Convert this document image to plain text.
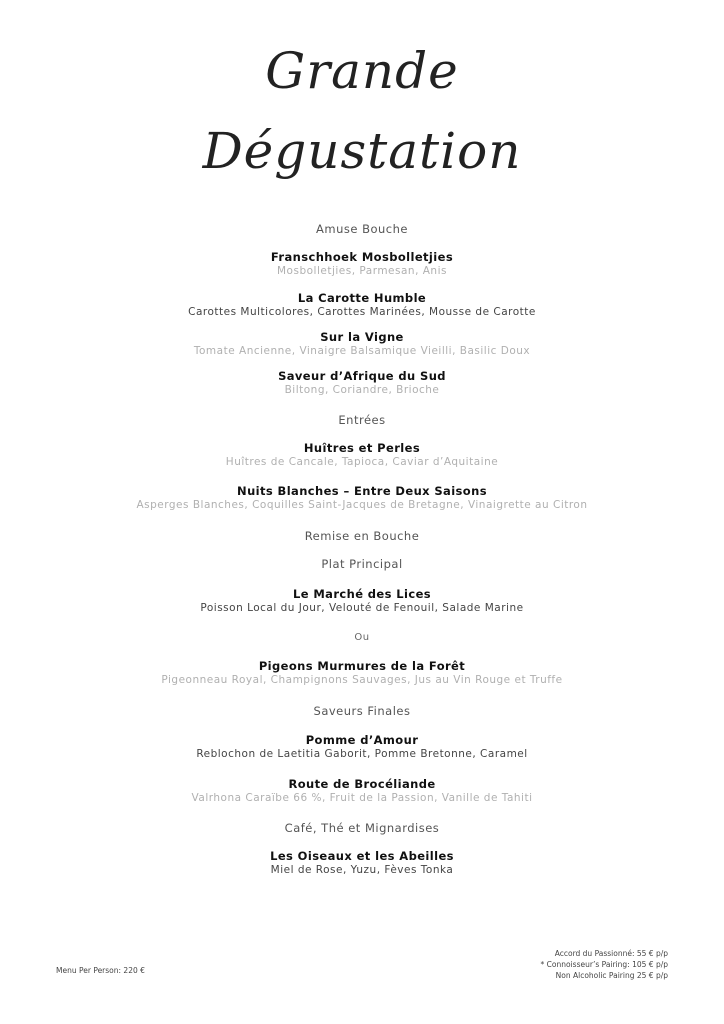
Grande
Dégustation
Amuse Bouche
Franschhoek Mosbolletjies
Mosbolletjies, Parmesan, Anis
La Carotte Humble
Carottes Multicolores, Carottes Marinées, Mousse de Carotte
Sur la Vigne
Tomate Ancienne, Vinaigre Balsamique Vieilli, Basilic Doux
Saveur d’Afrique du Sud
Biltong, Coriandre, Brioche
Entrées
Huîtres et Perles
Huîtres de Cancale, Tapioca, Caviar d’Aquitaine
Nuits Blanches – Entre Deux Saisons
Asperges Blanches, Coquilles Saint-Jacques de Bretagne, Vinaigrette au Citron
Remise en Bouche
Plat Principal
Le Marché des Lices
Poisson Local du Jour, Velouté de Fenouil, Salade Marine
Ou
Pigeons Murmures de la Forêt
Pigeonneau Royal, Champignons Sauvages, Jus au Vin Rouge et Truffe
Saveurs Finales
Pomme d’Amour
Reblochon de Laetitia Gaborit, Pomme Bretonne, Caramel
Route de Brocéliande
Valrhona Caraïbe 66 %, Fruit de la Passion, Vanille de Tahiti
Café, Thé et Mignardises
Les Oiseaux et les Abeilles
Miel de Rose, Yuzu, Fèves Tonka
Menu Per Person: 220 €
Accord du Passionné: 55 € p/p
* Connoisseur’s Pairing: 105 € p/p
Non Alcoholic Pairing 25 € p/p
